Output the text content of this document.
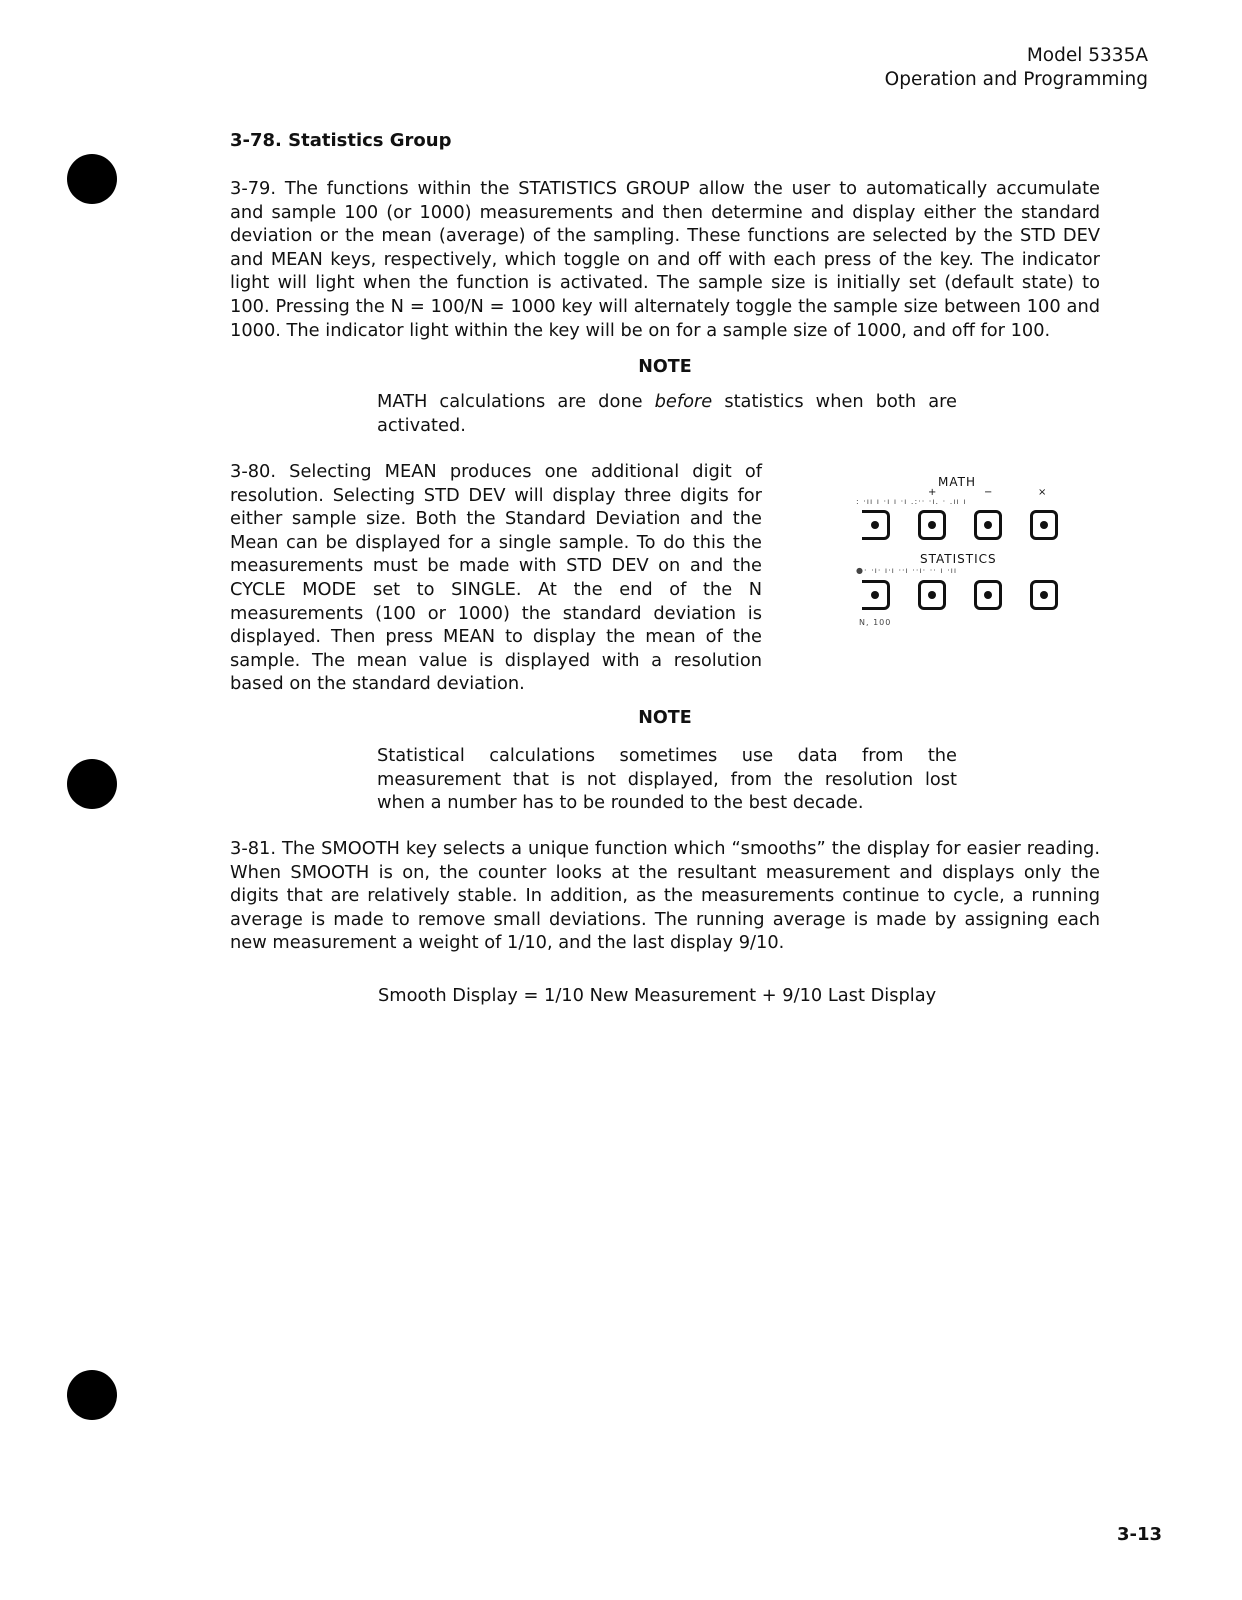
Model 5335A
Operation and Programming
3-78. Statistics Group
3-79. The functions within the STATISTICS GROUP allow the user to automatically accumulate and sample 100 (or 1000) measurements and then determine and display either the standard deviation or the mean (average) of the sampling. These functions are selected by the STD DEV and MEAN keys, respectively, which toggle on and off with each press of the key. The indicator light will light when the function is activated. The sample size is initially set (default state) to 100. Pressing the N = 100/N = 1000 key will alternately toggle the sample size between 100 and 1000. The indicator light within the key will be on for a sample size of 1000, and off for 100.
NOTE
MATH calculations are done before statistics when both are activated.
3-80. Selecting MEAN produces one additional digit of resolution. Selecting STD DEV will display three digits for either sample size. Both the Standard Deviation and the Mean can be displayed for a single sample. To do this the measurements must be made with STD DEV on and the CYCLE MODE set to SINGLE. At the end of the N measurements (100 or 1000) the standard deviation is displayed. Then press MEAN to display the mean of the sample. The mean value is displayed with a resolution based on the standard deviation.
MATH
+	−	×
: ·ıı ı ·ı ı ·ı .:·· ·ı. · .ıı ı
STATISTICS
●· ·ı· ı·ı ··ı ··ı· ·· ı ·ıı
N, 100
NOTE
Statistical calculations sometimes use data from the measurement that is not displayed, from the resolution lost when a number has to be rounded to the best decade.
3-81. The SMOOTH key selects a unique function which “smooths” the display for easier reading. When SMOOTH is on, the counter looks at the resultant measurement and displays only the digits that are relatively stable. In addition, as the measurements continue to cycle, a running average is made to remove small deviations. The running average is made by assigning each new measurement a weight of 1/10, and the last display 9/10.
Smooth Display = 1/10 New Measurement + 9/10 Last Display
3-13
